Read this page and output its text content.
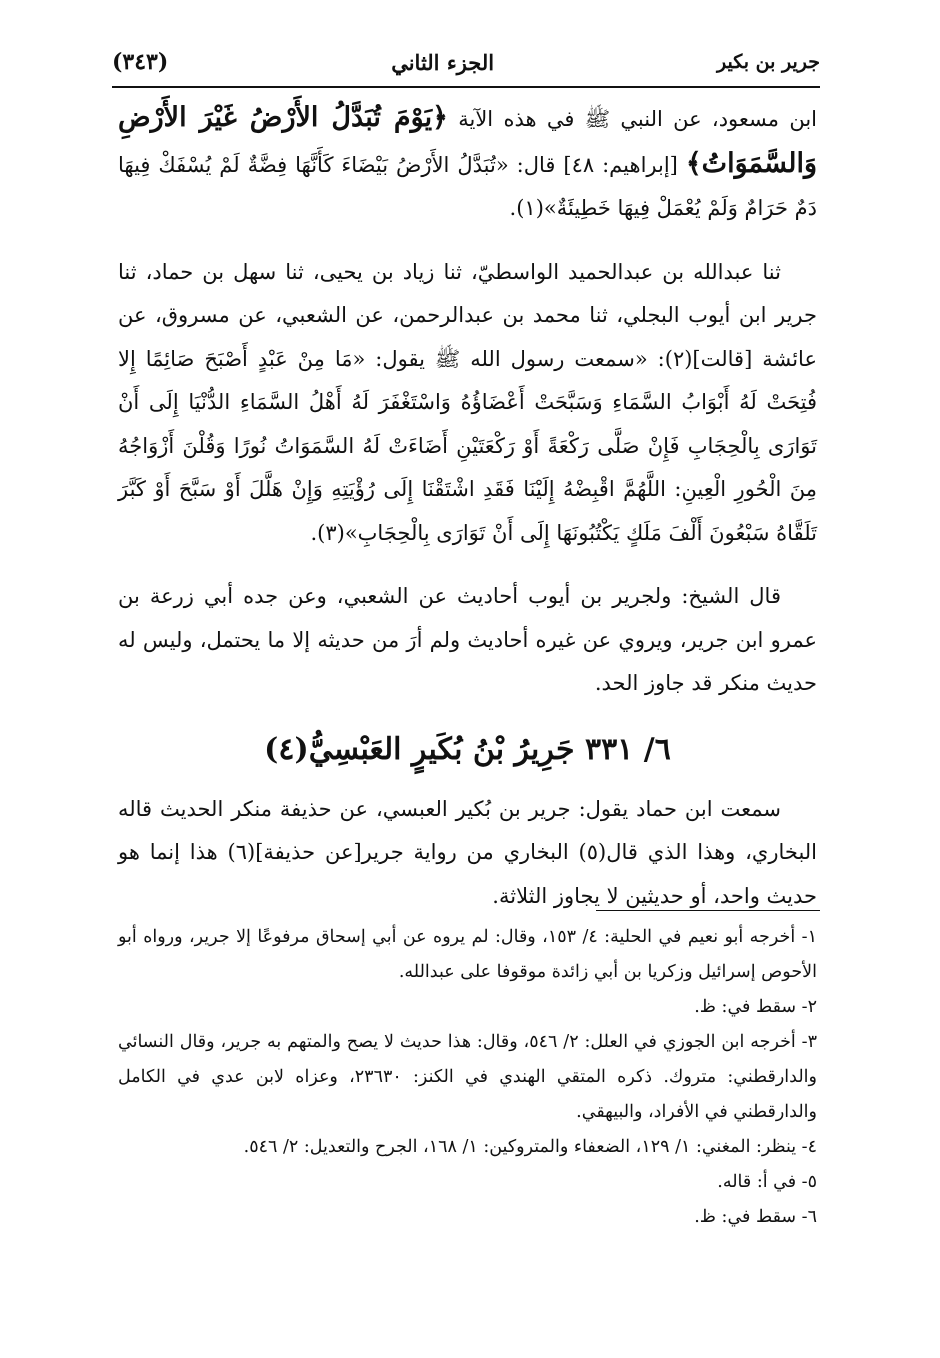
(٣٤٣)	الجزء الثاني	جرير بن بكير

ابن مسعود، عن النبي ﷺ في هذه الآية ﴿يَوْمَ تُبَدَّلُ الأَرْضُ غَيْرَ الأَرْضِ وَالسَّمَوَاتُ﴾ [إبراهيم: ٤٨] قال: «تُبَدَّلُ الأَرْضُ بَيْضَاءَ كَأَنَّهَا فِضَّةٌ لَمْ يُسْفَكْ فِيهَا دَمٌ حَرَامٌ وَلَمْ يُعْمَلْ فِيهَا خَطِيئَةٌ»(١).

ثنا عبدالله بن عبدالحميد الواسطيّ، ثنا زياد بن يحيى، ثنا سهل بن حماد، ثنا جرير ابن أيوب البجلي، ثنا محمد بن عبدالرحمن، عن الشعبي، عن مسروق، عن عائشة [قالت](٢): «سمعت رسول الله ﷺ يقول: «مَا مِنْ عَبْدٍ أَصْبَحَ صَائِمًا إِلا فُتِحَتْ لَهُ أَبْوَابُ السَّمَاءِ وَسَبَّحَتْ أَعْضَاؤُهُ وَاسْتَغْفَرَ لَهُ أَهْلُ السَّمَاءِ الدُّنْيَا إِلَى أَنْ تَوَارَى بِالْحِجَابِ فَإِنْ صَلَّى رَكْعَةً أَوْ رَكْعَتَيْنِ أَضَاءَتْ لَهُ السَّمَوَاتُ نُورًا وَقُلْنَ أَزْوَاجُهُ مِنَ الْحُورِ الْعِينِ: اللَّهُمَّ اقْبِضْهُ إِلَيْنَا فَقَدِ اشْتَقْنَا إِلَى رُؤْيَتِهِ وَإِنْ هَلَّلَ أَوْ سَبَّحَ أَوْ كَبَّرَ تَلَقَّاهُ سَبْعُونَ أَلْفَ مَلَكٍ يَكْتُبُونَهَا إِلَى أَنْ تَوَارَى بِالْحِجَابِ»(٣).

قال الشيخ: ولجرير بن أيوب أحاديث عن الشعبي، وعن جده أبي زرعة بن عمرو ابن جرير، ويروي عن غيره أحاديث ولم أرَ من حديثه إلا ما يحتمل، وليس له حديث منكر قد جاوز الحد.

٦/ ٣٣١ جَرِيرُ بْنُ بُكَيرٍ العَبْسِيُّ(٤)

سمعت ابن حماد يقول: جرير بن بُكير العبسي، عن حذيفة منكر الحديث قاله البخاري، وهذا الذي قال(٥) البخاري من رواية جرير[عن حذيفة](٦) هذا إنما هو حديث واحد، أو حديثين لا يجاوز الثلاثة.

١- أخرجه أبو نعيم في الحلية: ٤/ ١٥٣، وقال: لم يروه عن أبي إسحاق مرفوعًا إلا جرير، ورواه أبو الأحوص إسرائيل وزكريا بن أبي زائدة موقوفا على عبدالله.

٢- سقط في: ظ.

٣- أخرجه ابن الجوزي في العلل: ٢/ ٥٤٦، وقال: هذا حديث لا يصح والمتهم به جرير، وقال النسائي والدارقطني: متروك. ذكره المتقي الهندي في الكنز: ٢٣٦٣٠، وعزاه لابن عدي في الكامل والدارقطني في الأفراد، والبيهقي.

٤- ينظر: المغني: ١/ ١٢٩، الضعفاء والمتروكين: ١/ ١٦٨، الجرح والتعديل: ٢/ ٥٤٦.

٥- في أ: قاله.

٦- سقط في: ظ.
